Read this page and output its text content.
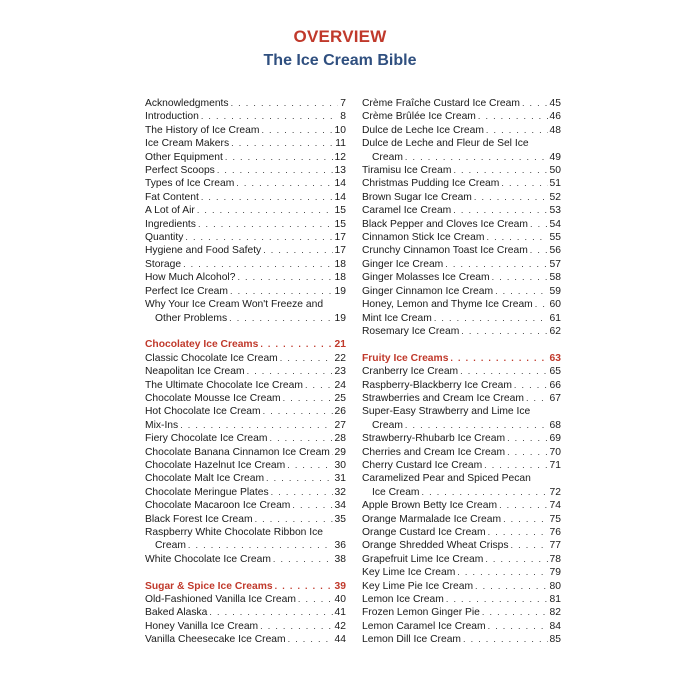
OVERVIEW
The Ice Cream Bible
Acknowledgments . . .	7
Introduction . . .	8
The History of Ice Cream . . .	10
Ice Cream Makers . . .	11
Other Equipment . . .	12
Perfect Scoops . . .	13
Types of Ice Cream . . .	14
Fat Content . . .	14
A Lot of Air . . .	15
Ingredients . . .	15
Quantity . . .	17
Hygiene and Food Safety . . .	17
Storage . . .	18
How Much Alcohol? . . .	18
Perfect Ice Cream . . .	19
Why Your Ice Cream Won't Freeze and
Other Problems . . .	19
Chocolatey Ice Creams . . .	21
Classic Chocolate Ice Cream . . .	22
Neapolitan Ice Cream . . .	23
The Ultimate Chocolate Ice Cream . . .	24
Chocolate Mousse Ice Cream . . .	25
Hot Chocolate Ice Cream . . .	26
Mix-Ins . . .	27
Fiery Chocolate Ice Cream . . .	28
Chocolate Banana Cinnamon Ice Cream . . . 29
Chocolate Hazelnut Ice Cream . . .	30
Chocolate Malt Ice Cream . . .	31
Chocolate Meringue Plates . . .	32
Chocolate Macaroon Ice Cream . . .	34
Black Forest Ice Cream . . .	35
Raspberry White Chocolate Ribbon Ice
Cream . . .	36
White Chocolate Ice Cream . . .	38
Sugar & Spice Ice Creams . . .	39
Old-Fashioned Vanilla Ice Cream . . .	40
Baked Alaska . . .	41
Honey Vanilla Ice Cream . . .	42
Vanilla Cheesecake Ice Cream . . .	44
Crème Fraîche Custard Ice Cream . . .	45
Crème Brûlée Ice Cream . . .	46
Dulce de Leche Ice Cream . . .	48
Dulce de Leche and Fleur de Sel Ice
Cream . . .	49
Tiramisu Ice Cream . . .	50
Christmas Pudding Ice Cream . . .	51
Brown Sugar Ice Cream . . .	52
Caramel Ice Cream . . .	53
Black Pepper and Cloves Ice Cream . . . 54
Cinnamon Stick Ice Cream . . .	55
Crunchy Cinnamon Toast Ice Cream . . . 56
Ginger Ice Cream . . .	57
Ginger Molasses Ice Cream . . .	58
Ginger Cinnamon Ice Cream . . .	59
Honey, Lemon and Thyme Ice Cream . . . 60
Mint Ice Cream . . .	61
Rosemary Ice Cream . . .	62
Fruity Ice Creams . . .	63
Cranberry Ice Cream . . .	65
Raspberry-Blackberry Ice Cream . . .	66
Strawberries and Cream Ice Cream . . . 67
Super-Easy Strawberry and Lime Ice
Cream . . .	68
Strawberry-Rhubarb Ice Cream . . .	69
Cherries and Cream Ice Cream . . .	70
Cherry Custard Ice Cream . . .	71
Caramelized Pear and Spiced Pecan
Ice Cream . . .	72
Apple Brown Betty Ice Cream . . .	74
Orange Marmalade Ice Cream . . .	75
Orange Custard Ice Cream . . .	76
Orange Shredded Wheat Crisps . . .	77
Grapefruit Lime Ice Cream . . .	78
Key Lime Ice Cream . . .	79
Key Lime Pie Ice Cream . . .	80
Lemon Ice Cream . . .	81
Frozen Lemon Ginger Pie . . .	82
Lemon Caramel Ice Cream . . .	84
Lemon Dill Ice Cream . . .	85
